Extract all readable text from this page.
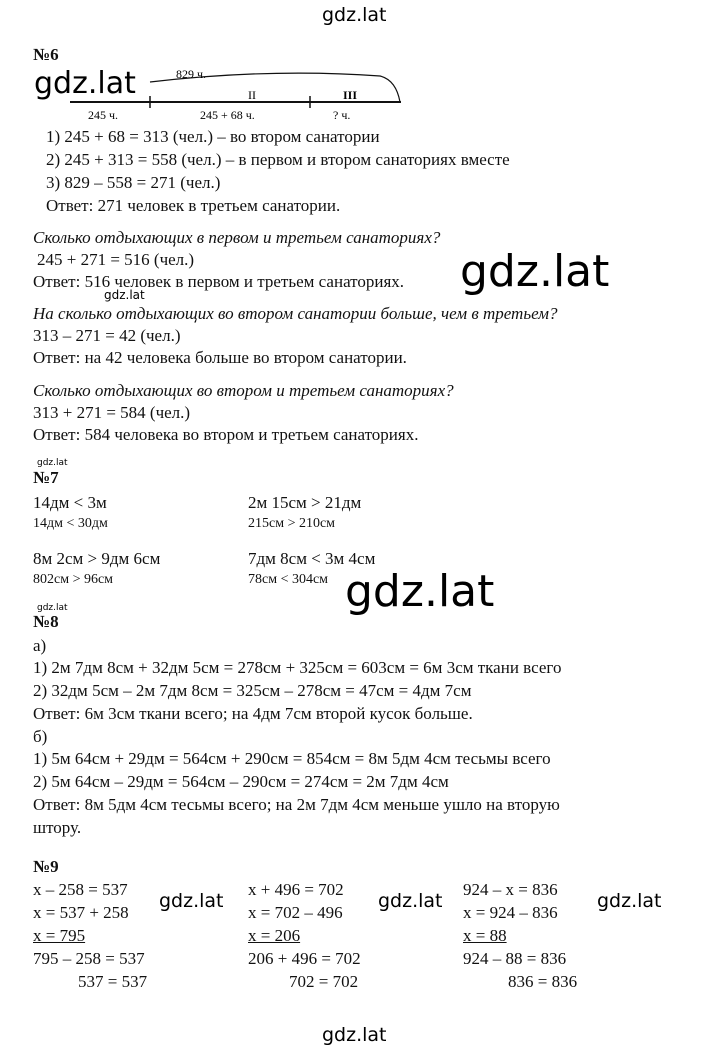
gdz.lat
№6
gdz.lat	829 ч.
II	III
245 ч.	245 + 68 ч.	? ч.
1) 245 + 68 = 313 (чел.) – во втором санатории
2) 245 + 313 = 558 (чел.) – в первом и втором санаториях вместе
3) 829 – 558 = 271 (чел.)
Ответ: 271 человек в третьем санатории.
Сколько отдыхающих в первом и третьем санаториях?
245 + 271 = 516 (чел.)
Ответ: 516 человек в первом и третьем санаториях. gdz.lat
gdz.lat
На сколько отдыхающих во втором санатории больше, чем в третьем?
313 – 271 = 42 (чел.)
Ответ: на 42 человека больше во втором санатории.
Сколько отдыхающих во втором и третьем санаториях?
313 + 271 = 584 (чел.)
Ответ: 584 человека во втором и третьем санаториях.
gdz.lat
№7
14дм < 3м
14дм < 30дм
2м 15см > 21дм
215см > 210см
8м 2см > 9дм 6см
802см > 96см
7дм 8см < 3м 4см
78см < 304см gdz.lat
gdz.lat
№8
а)
1) 2м 7дм 8см + 32дм 5см = 278см + 325см = 603см = 6м 3см ткани всего
2) 32дм 5см – 2м 7дм 8см = 325см – 278см = 47см = 4дм 7см
Ответ: 6м 3см ткани всего; на 4дм 7см второй кусок больше.
б)
1) 5м 64см + 29дм = 564см + 290см = 854см = 8м 5дм 4см тесьмы всего
2) 5м 64см – 29дм = 564см – 290см = 274см = 2м 7дм 4см
Ответ: 8м 5дм 4см тесьмы всего; на 2м 7дм 4см меньше ушло на вторую
штору.
№9
x – 258 = 537
x = 537 + 258
x = 795
795 – 258 = 537
537 = 537
x + 496 = 702
x = 702 – 496
x = 206
206 + 496 = 702
702 = 702
924 – x = 836
x = 924 – 836
x = 88
924 – 88 = 836
836 = 836
gdz.lat	gdz.lat	gdz.lat
gdz.lat
